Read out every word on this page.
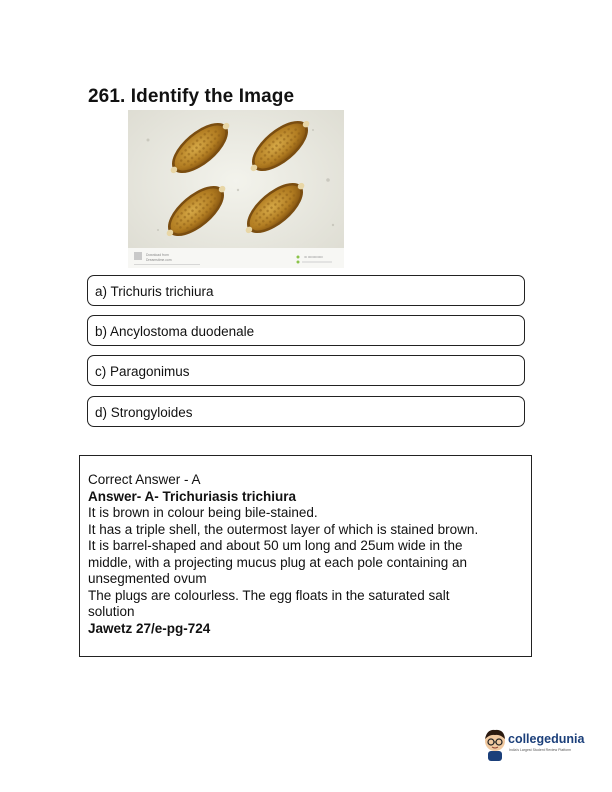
261. Identify the Image
Download from
Dreamstime.com
ID 000000000
a) Trichuris trichiura
b) Ancylostoma duodenale
c) Paragonimus
d) Strongyloides
Correct Answer - A
Answer- A- Trichuriasis trichiura
It is brown in colour being bile-stained.
It has a triple shell, the outermost layer of which is stained brown.
It is barrel-shaped and about 50 um long and 25um wide in the
middle, with a projecting mucus plug at each pole containing an
unsegmented ovum
The plugs are colourless. The egg floats in the saturated salt
solution
Jawetz 27/e-pg-724
collegedunia
India's Largest Student Review Platform
